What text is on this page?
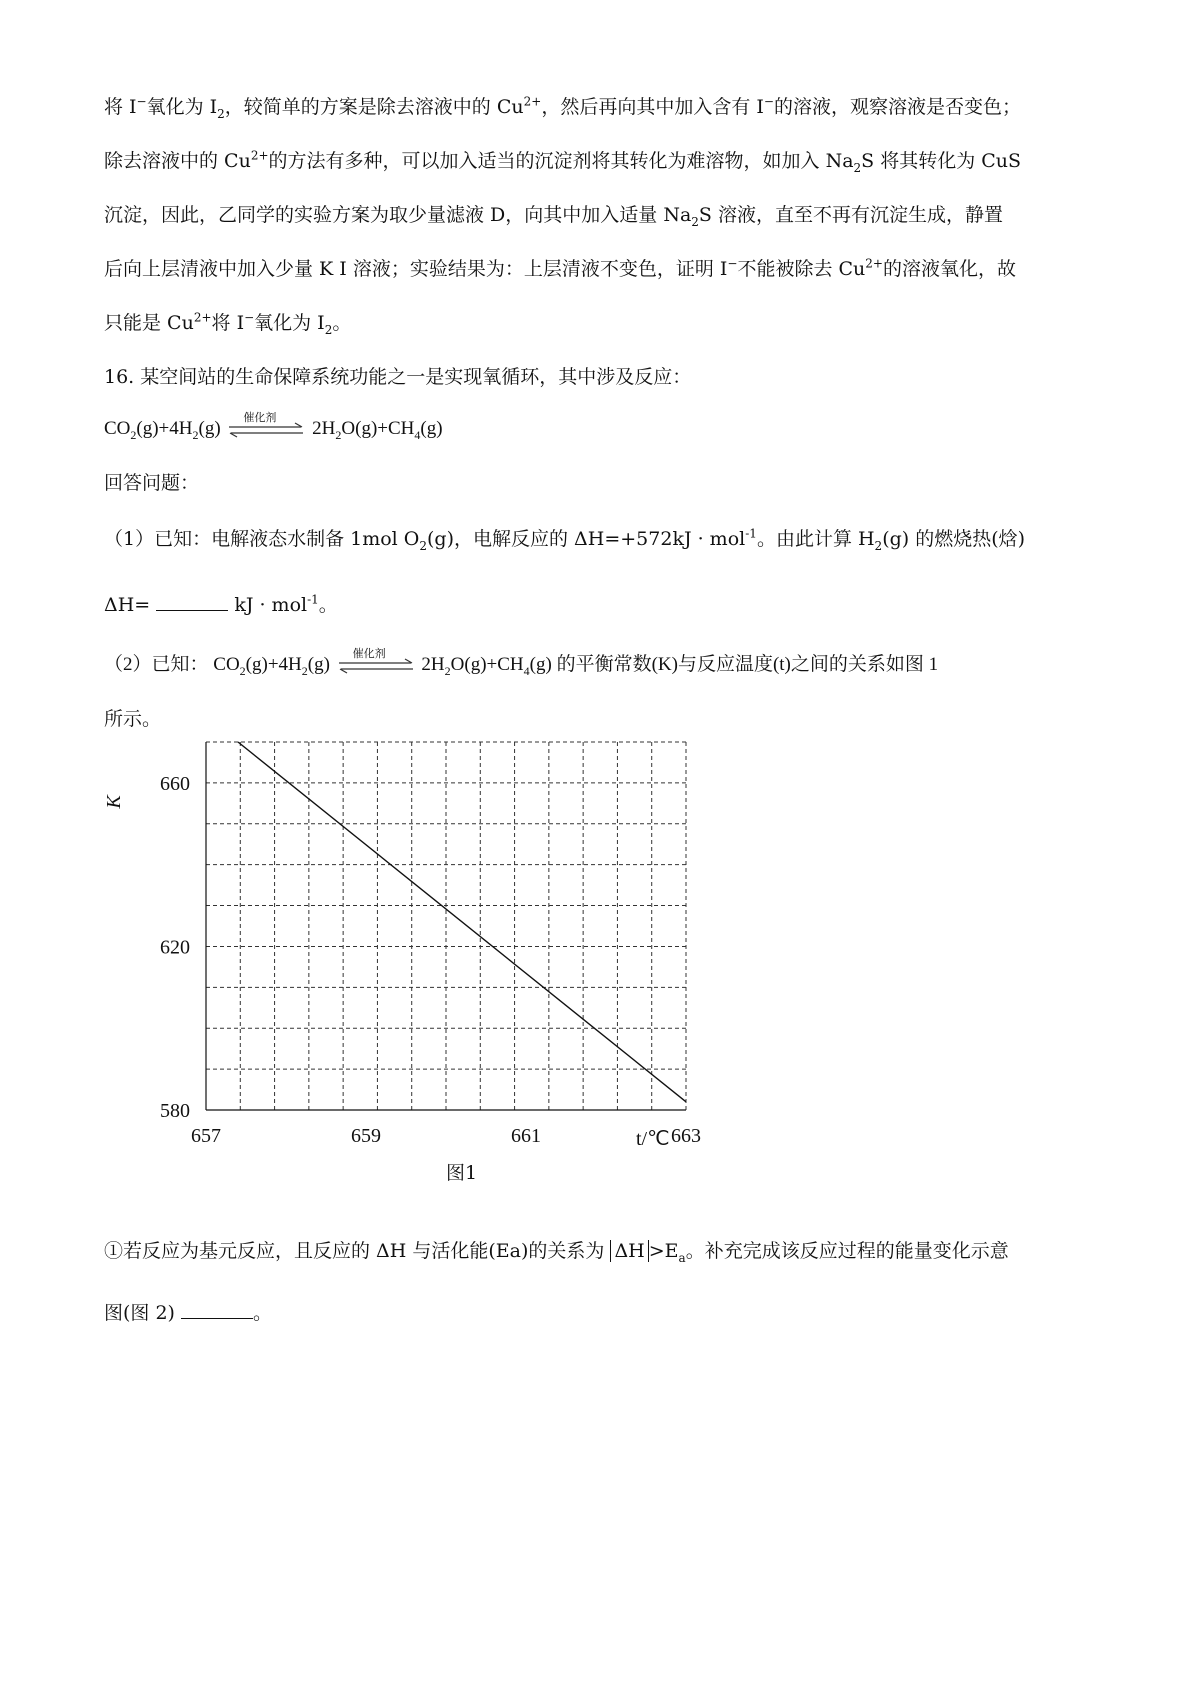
将 I−氧化为 $I_2$，较简单的方案是除去溶液中的 $Cu^{2+}$，然后再向其中加入含有 I−的溶液，观察溶液是否变色；
除去溶液中的 $Cu^{2+}$的方法有多种，可以加入适当的沉淀剂将其转化为难溶物，如加入 $Na_2S$ 将其转化为 CuS
沉淀，因此，乙同学的实验方案为取少量滤液 D，向其中加入适量 $Na_2S$ 溶液，直至不再有沉淀生成，静置
后向上层清液中加入少量 K I 溶液；实验结果为：上层清液不变色，证明 I−不能被除去 $Cu^{2+}$的溶液氧化，故
只能是 $Cu^{2+}$将 I−氧化为 $I_2$。
16. 某空间站的生命保障系统功能之一是实现氧循环，其中涉及反应：
$CO_2(g)+4H_2(g)$
催化剂
$2H_2O(g)+CH_4(g)$
回答问题：
（1）已知：电解液态水制备 1mol $O_2(g)$，电解反应的 ΔH=+572kJ · mol$^{-1}$。由此计算 $H_2(g)$ 的燃烧热(焓)
ΔH=	kJ · mol$^{-1}$。
（2）已知： $CO_2(g)+4H_2(g)$
催化剂
$2H_2O(g)+CH_4(g)$ 的平衡常数(K)与反应温度(t)之间的关系如图 1
所示。
657	659	661	663
580
620
660
K
t/℃
图1
①若反应为基元反应，且反应的 ΔH 与活化能(Ea)的关系为 $\Delta H >E_a$。补充完成该反应过程的能量变化示意
图(图 2)	。
